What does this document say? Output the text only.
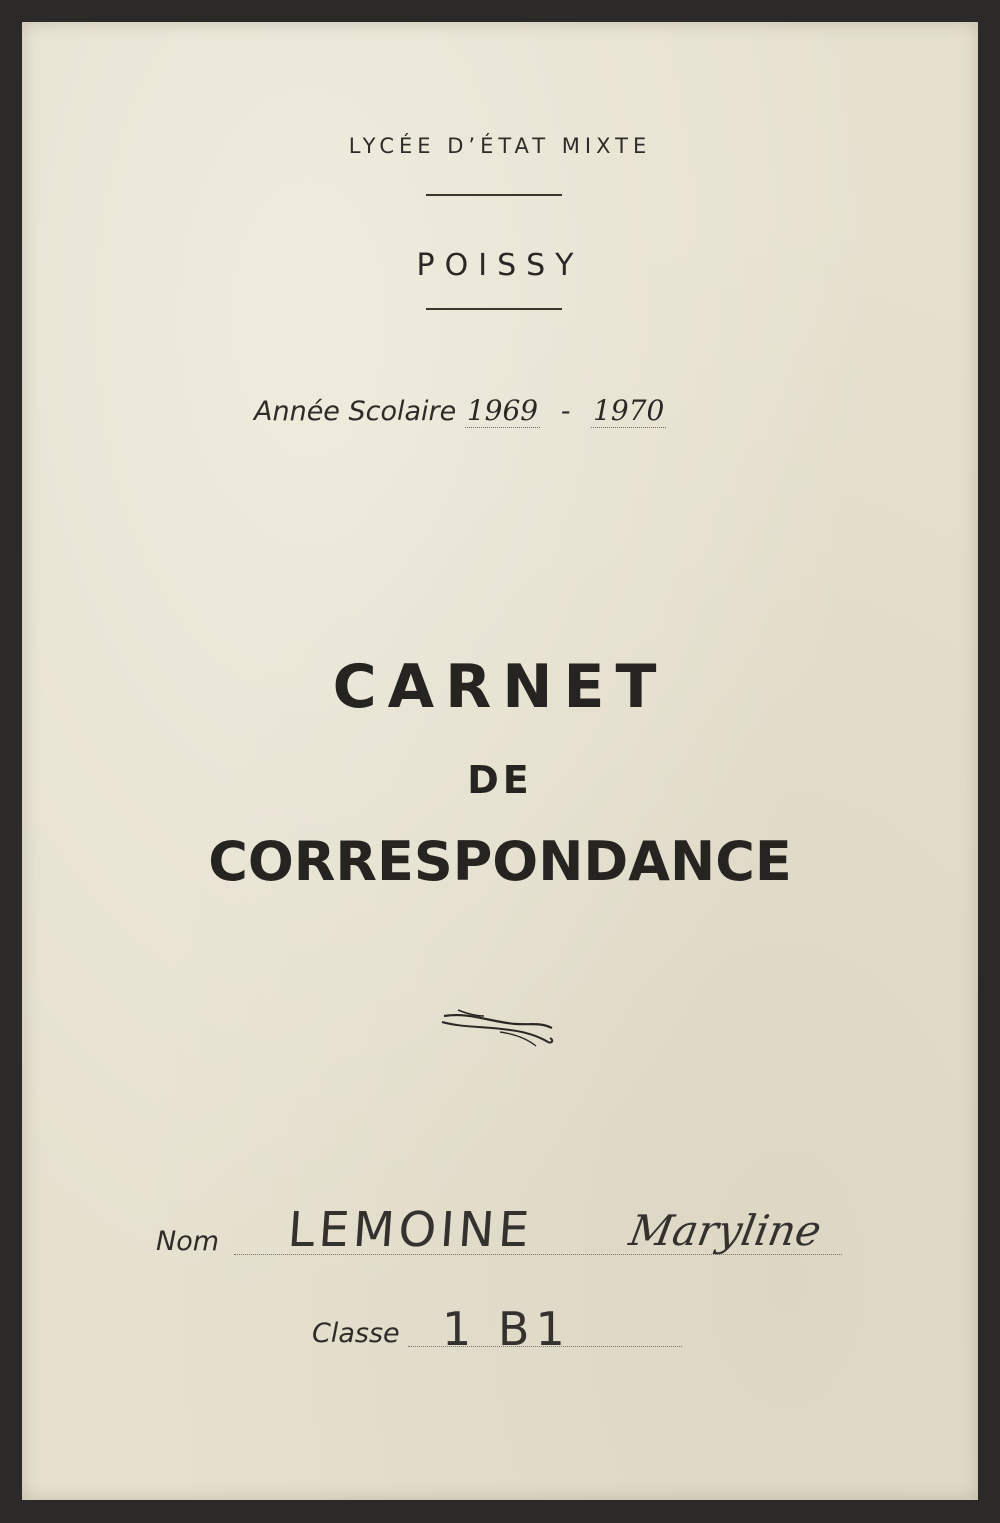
LYCÉE D’ÉTAT MIXTE
POISSY
Année Scolaire 1969 - 1970
CARNET
DE
CORRESPONDANCE
Nom LEMOINE Maryline
Classe 1 B1
